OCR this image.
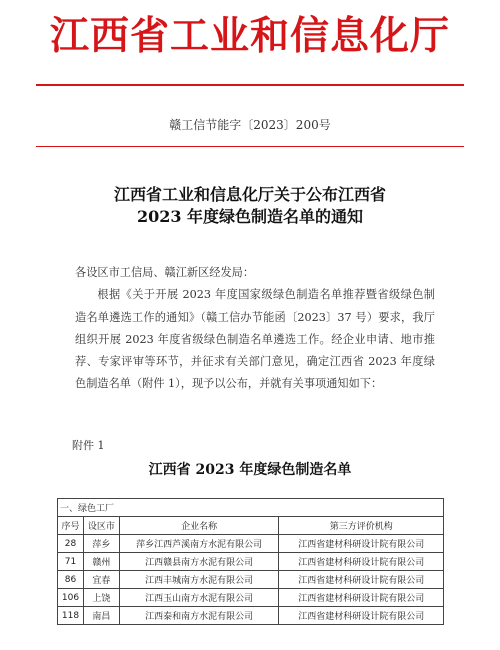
江西省工业和信息化厅
赣工信节能字〔2023〕200号
江西省工业和信息化厅关于公布江西省
2023 年度绿色制造名单的通知

各设区市工信局、赣江新区经发局：

根据《关于开展 2023 年度国家级绿色制造名单推荐暨省级绿色制造名单遴选工作的通知》（赣工信办节能函〔2023〕37 号）要求，我厅组织开展 2023 年度省级绿色制造名单遴选工作。经企业申请、地市推荐、专家评审等环节，并征求有关部门意见，确定江西省 2023 年度绿色制造名单（附件 1），现予以公布，并就有关事项通知如下：

附件 1
江西省 2023 年度绿色制造名单
一、绿色工厂			
序号	设区市	企业名称	第三方评价机构
28	萍乡	萍乡江西芦溪南方水泥有限公司	江西省建材科研设计院有限公司
71	赣州	江西赣县南方水泥有限公司	江西省建材科研设计院有限公司
86	宜春	江西丰城南方水泥有限公司	江西省建材科研设计院有限公司
106	上饶	江西玉山南方水泥有限公司	江西省建材科研设计院有限公司
118	南昌	江西泰和南方水泥有限公司	江西省建材科研设计院有限公司
